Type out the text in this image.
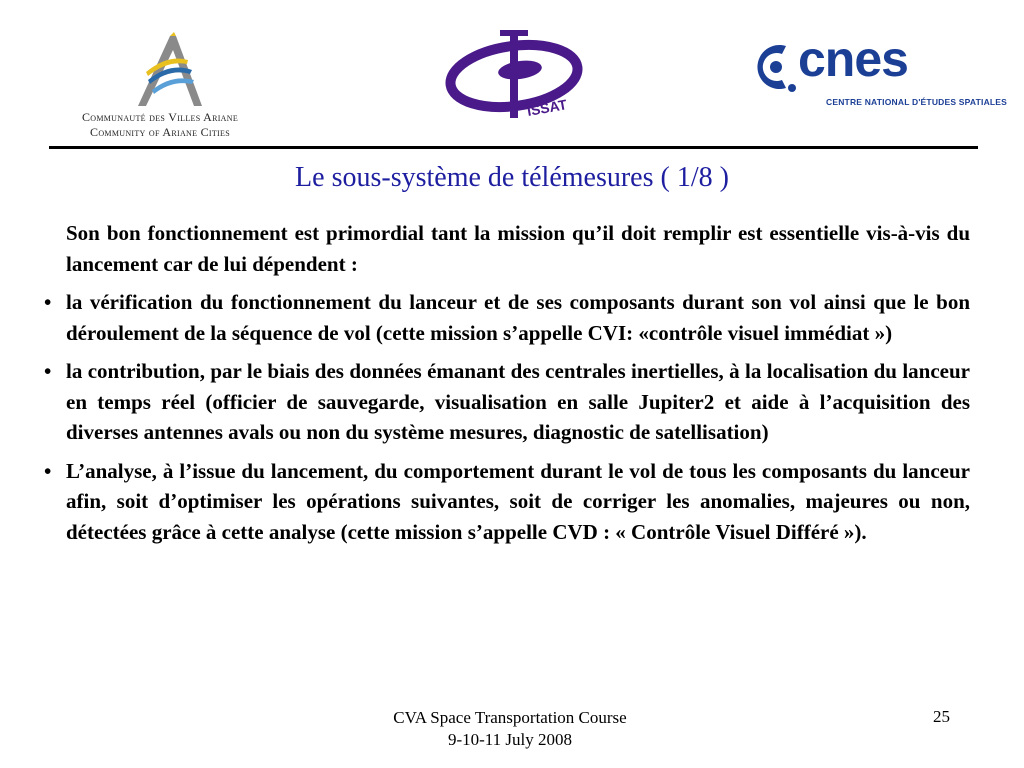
Communauté des Villes Ariane
Community of Ariane Cities
ISSAT
cnes
CENTRE NATIONAL D'ÉTUDES SPATIALES
Le sous-système de télémesures ( 1/8 )

Son bon fonctionnement est primordial tant la mission qu’il doit remplir est essentielle vis-à-vis du lancement car de lui dépendent :

• la vérification du fonctionnement du lanceur et de ses composants durant son vol ainsi que le bon déroulement de la séquence de vol (cette mission s’appelle CVI: «contrôle visuel immédiat »)
• la contribution, par le biais des données émanant des centrales inertielles, à la localisation du lanceur en temps réel (officier de sauvegarde, visualisation en salle Jupiter2 et aide à l’acquisition des diverses antennes avals ou non du système mesures, diagnostic de satellisation)
• L’analyse, à l’issue du lancement, du comportement durant le vol de tous les composants du lanceur afin, soit d’optimiser les opérations suivantes, soit de corriger les anomalies, majeures ou non, détectées grâce à cette analyse (cette mission s’appelle CVD : « Contrôle Visuel Différé »).
CVA Space Transportation Course
9-10-11 July 2008
25
